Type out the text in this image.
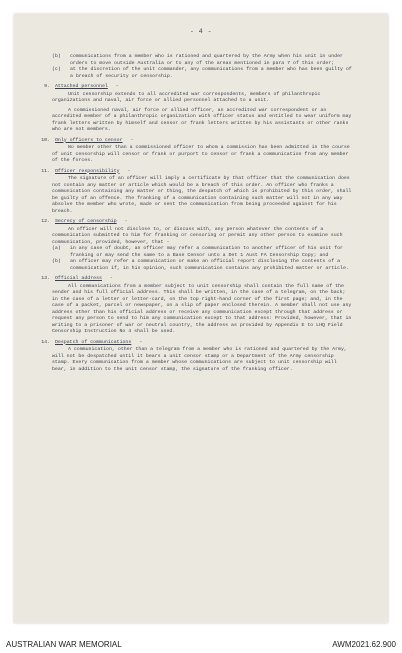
- 4 -
(b) communications from a member who is rationed and quartered by the Army when his unit in under orders to move outside Australia or to any of the areas mentioned in para 7 of this order;
(c) at the discretion of the unit commander, any communications from a member who has been guilty of a breach of security or censorship.
9. Attached personnel -

Unit censorship extends to all accredited war correspondents, members of philanthropic organizations and naval, air force or allied personnel attached to a unit.

A commissioned naval, air force or allied officer, an accredited war correspondent or an accredited member of a philanthropic organization with officer status and entitled to wear uniform may frank letters written by himself and censor or frank letters written by his assistants or other ranks who are not members.

10. Only officers to censor -

No member other than a commissioned officer to whom a commission has been admitted in the course of unit censorship will censor or frank or purport to censor or frank a communication from any member of the forces.

11. Officer responsibility -

The signature of an officer will imply a certificate by that officer that the communication does not contain any matter or article which would be a breach of this order. An officer who franks a communication containing any matter or thing, the despatch of which is prohibited by this order, shall be guilty of an offence. The franking of a communication containing such matter will not in any way absolve the member who wrote, made or sent the communication from being proceeded against for his breach.

12. Secrecy of censorship -

An officer will not disclose to, or discuss with, any person whatever the contents of a communication submitted to him for franking or censoring or permit any other person to examine such communication, provided, however, that -

(a) in any case of doubt, an officer may refer a communication to another officer of his unit for franking or may send the same to a Base Censor unto a Det 1 Aust FA Censorship Copy; and
(b) an officer may refer a communication or make an official report disclosing the contents of a communication if, in his opinion, such communication contains any prohibited matter or article.
13. Official address -

All communications from a member subject to unit censorship shall contain the full name of the sender and his full official address. This shall be written, in the case of a telegram, on the back; in the case of a letter or letter-card, on the top right-hand corner of the first page; and, in the case of a packet, parcel or newspaper, on a slip of paper enclosed therein. A member shall not use any address other than his official address or receive any communication except through that address or request any person to send to him any communication except to that address: Provided, however, that in writing to a prisoner of war or neutral country, the address as provided by Appendix E to LHQ Field Censorship Instruction No 4 shall be used.

14. Despatch of communications -

A communication, other than a telegram from a member who is rationed and quartered by the Army, will not be despatched until it bears a unit censor stamp or a Department of the Army censorship stamp. Every communication from a member whose communications are subject to unit censorship will bear, in addition to the unit censor stamp, the signature of the franking officer.

AUSTRALIAN WAR MEMORIAL	AWM2021.62.900
